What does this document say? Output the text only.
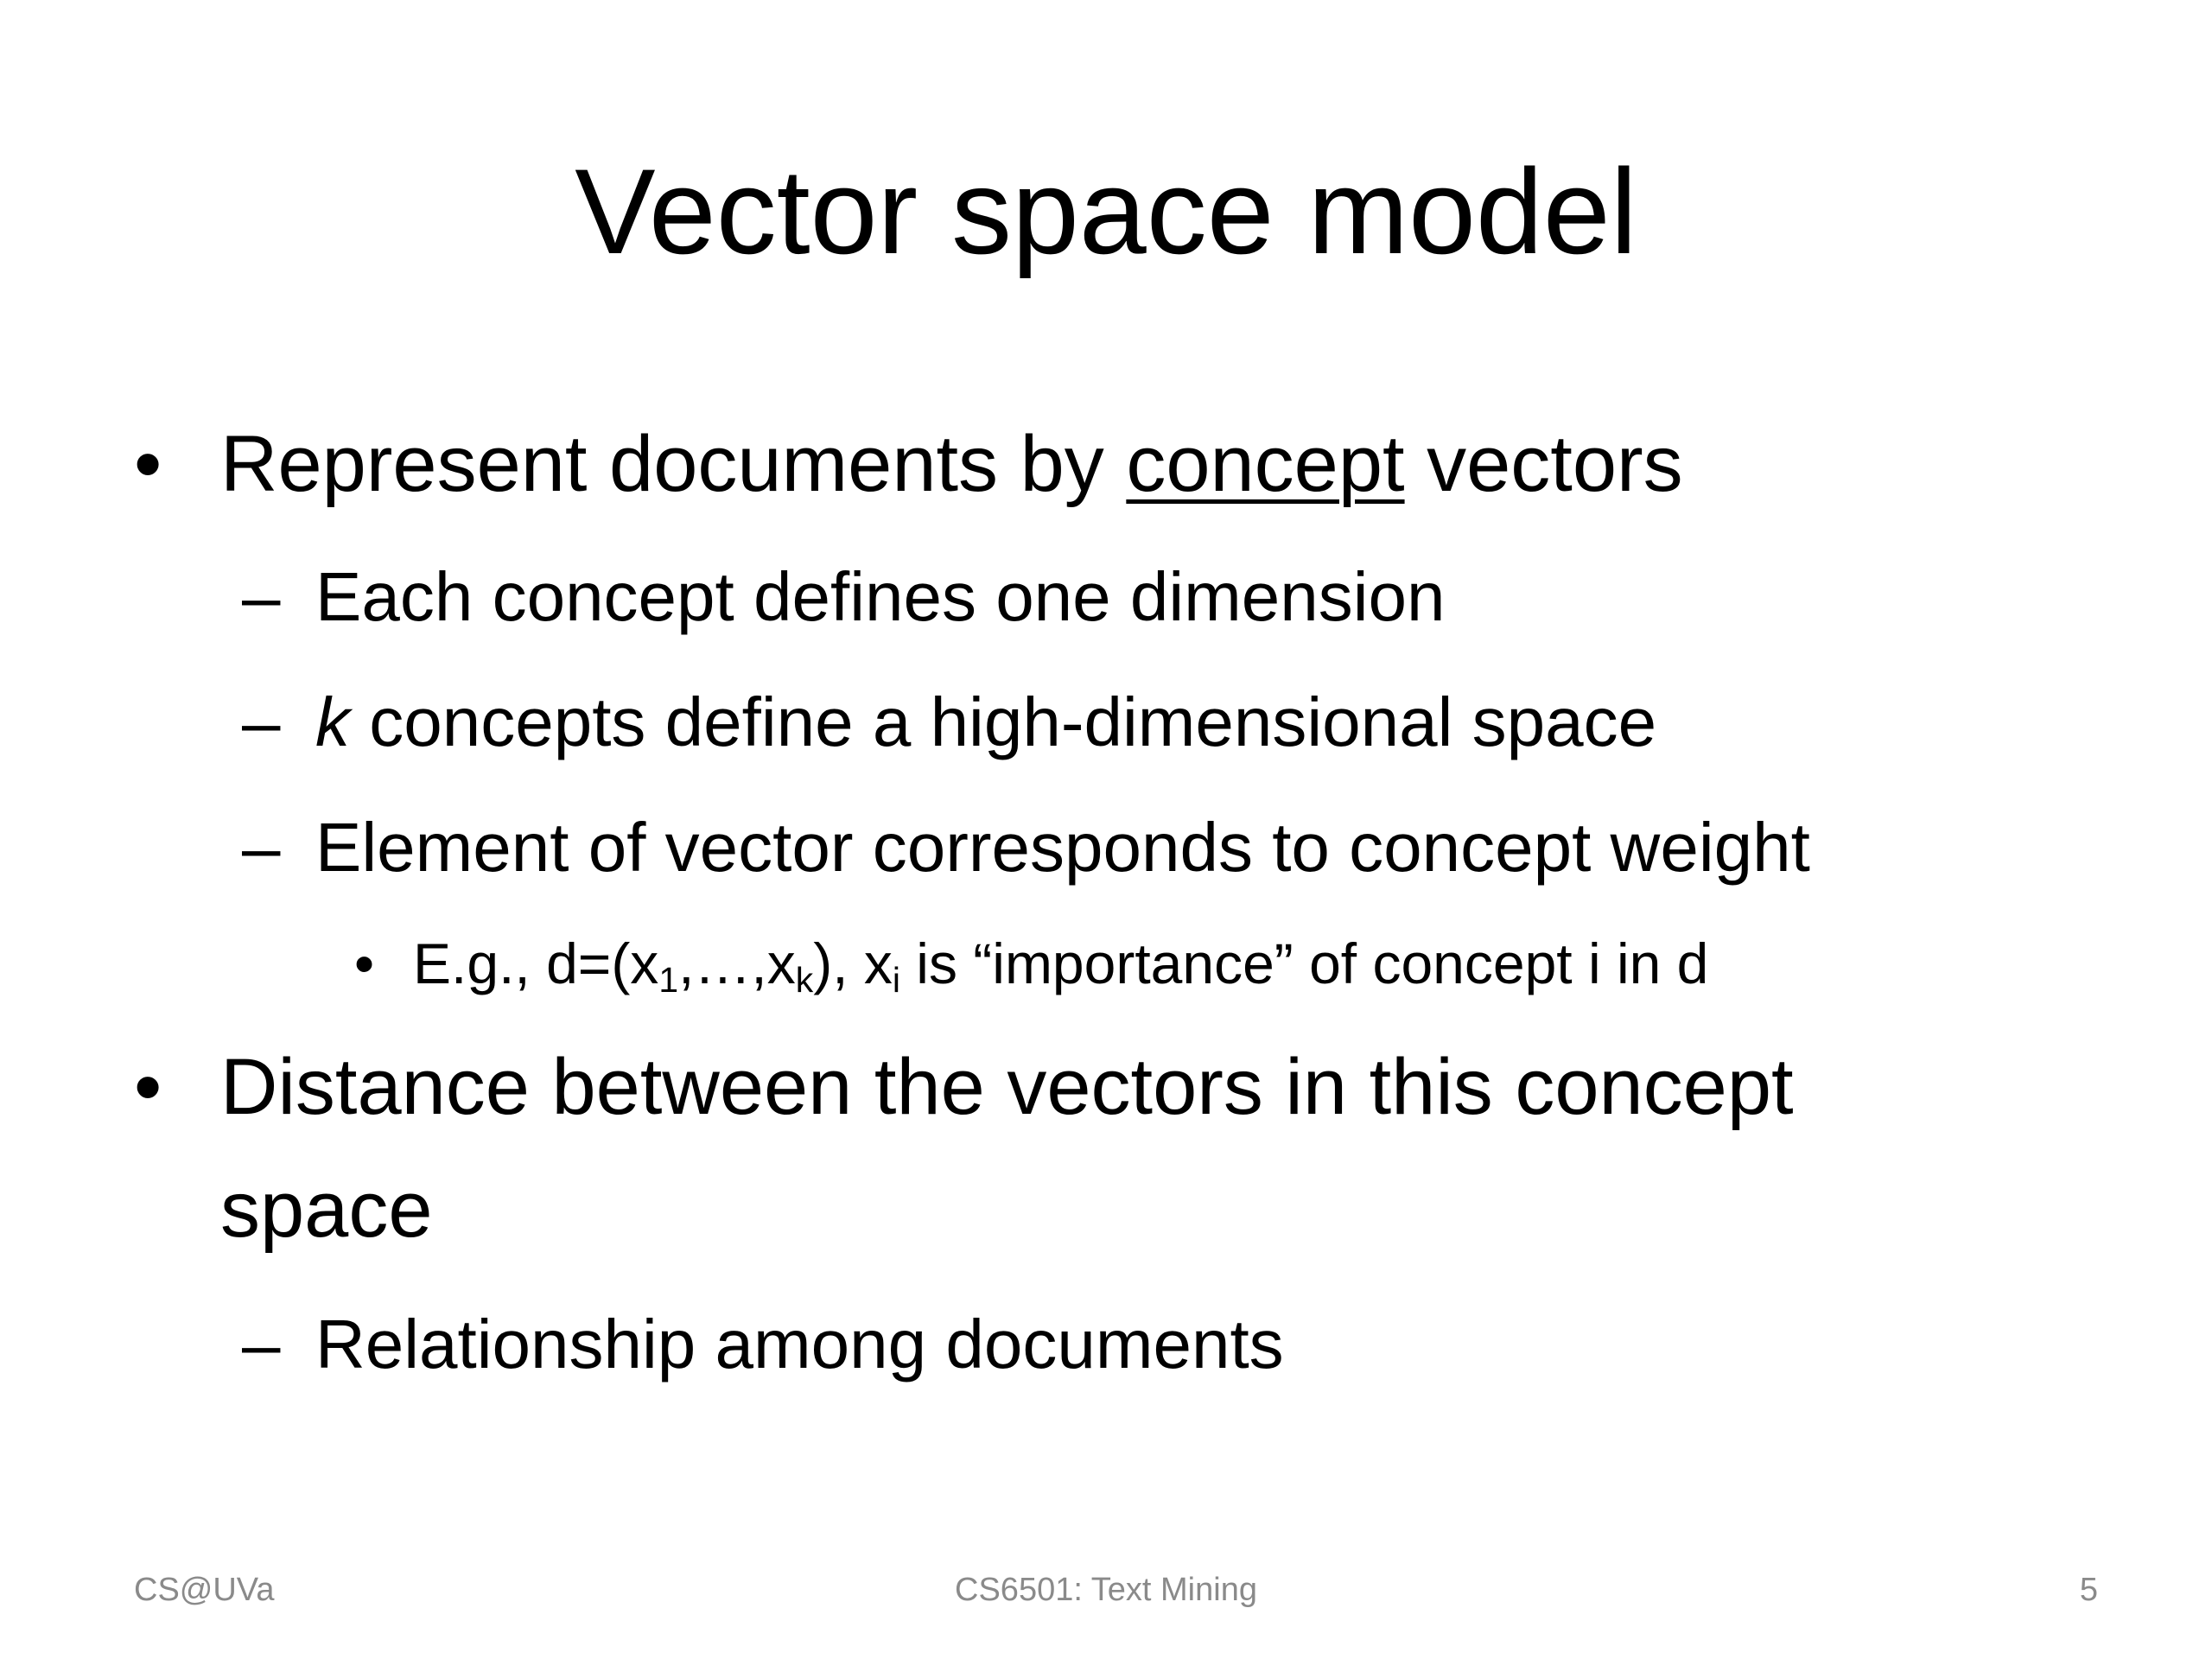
Vector space model
• Represent documents by concept vectors
– Each concept defines one dimension
– k concepts define a high-dimensional space
– Element of vector corresponds to concept weight
• E.g., $d=(x_1,\dots,x_k)$, $x_i$ is “importance” of concept i in d
• Distance between the vectors in this concept
space
– Relationship among documents
CS@UVa	CS6501: Text Mining	5
